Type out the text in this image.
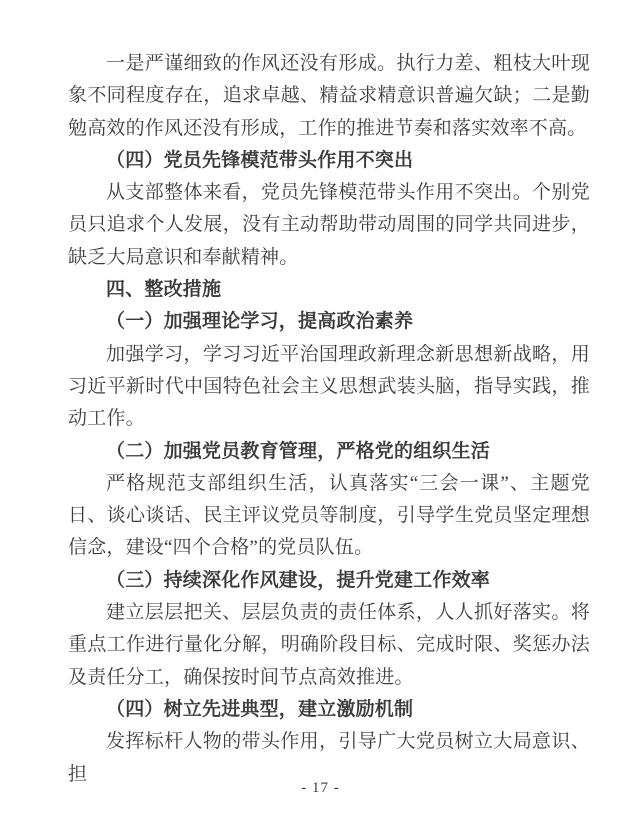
一是严谨细致的作风还没有形成。执行力差、粗枝大叶现象不同程度存在，追求卓越、精益求精意识普遍欠缺；二是勤勉高效的作风还没有形成，工作的推进节奏和落实效率不高。

（四）党员先锋模范带头作用不突出

从支部整体来看，党员先锋模范带头作用不突出。个别党员只追求个人发展，没有主动帮助带动周围的同学共同进步，缺乏大局意识和奉献精神。

四、整改措施

（一）加强理论学习，提高政治素养

加强学习，学习习近平治国理政新理念新思想新战略，用习近平新时代中国特色社会主义思想武装头脑，指导实践，推动工作。

（二）加强党员教育管理，严格党的组织生活

严格规范支部组织生活，认真落实“三会一课”、主题党日、谈心谈话、民主评议党员等制度，引导学生党员坚定理想信念，建设“四个合格”的党员队伍。

（三）持续深化作风建设，提升党建工作效率

建立层层把关、层层负责的责任体系，人人抓好落实。将重点工作进行量化分解，明确阶段目标、完成时限、奖惩办法及责任分工，确保按时间节点高效推进。

（四）树立先进典型，建立激励机制

发挥标杆人物的带头作用，引导广大党员树立大局意识、担

- 17 -
